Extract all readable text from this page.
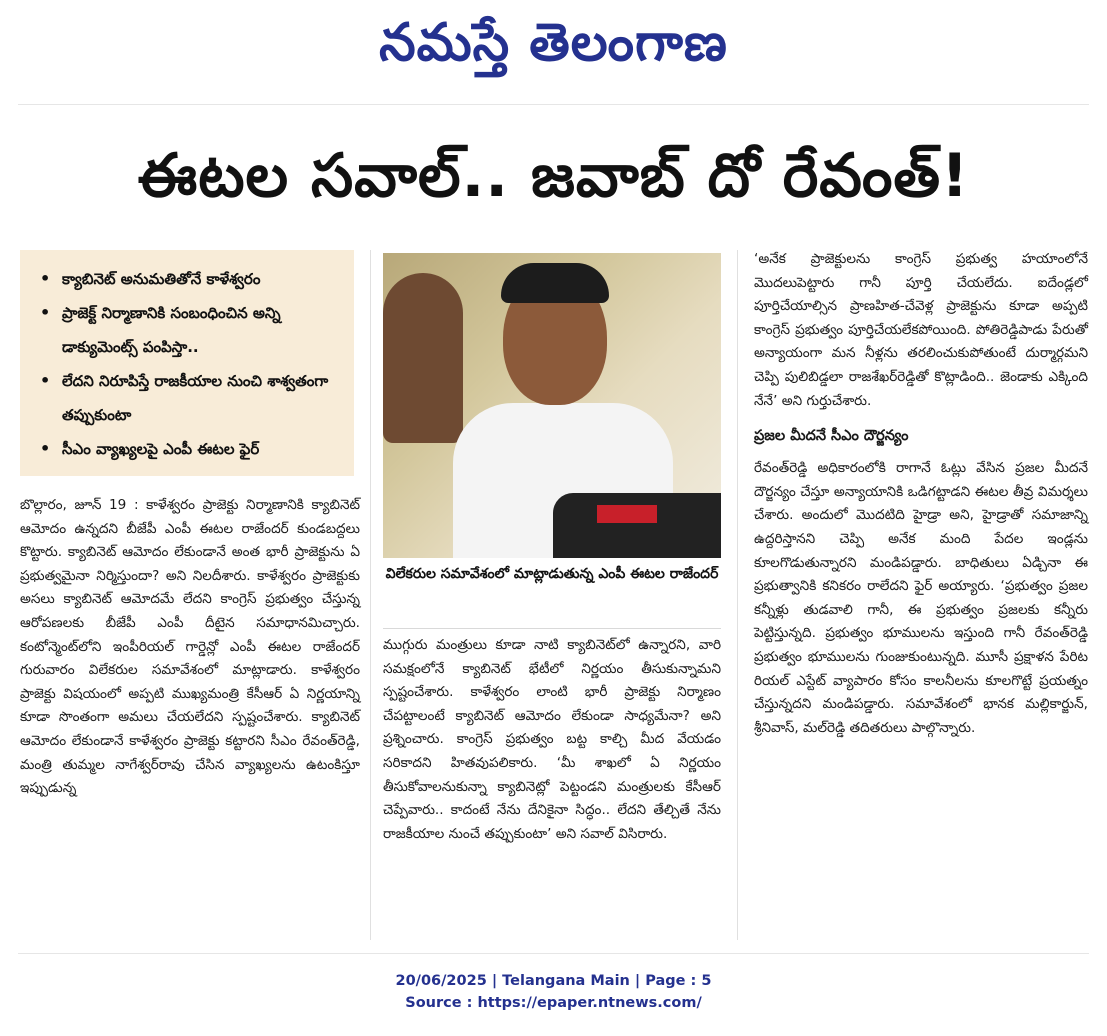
నమస్తే తెలంగాణ
ఈటల సవాల్.. జవాబ్ దో రేవంత్!
• క్యాబినెట్ అనుమతితోనే కాళేశ్వరం
• ప్రాజెక్ట్ నిర్మాణానికి సంబంధించిన అన్ని డాక్యుమెంట్స్ పంపిస్తా..
• లేదని నిరూపిస్తే రాజకీయాల నుంచి శాశ్వతంగా తప్పుకుంటా
• సీఎం వ్యాఖ్యలపై ఎంపీ ఈటల ఫైర్

బొల్లారం, జూన్ 19 : కాళేశ్వరం ప్రాజెక్టు నిర్మాణానికి క్యాబినెట్ ఆమోదం ఉన్నదని బీజేపీ ఎంపీ ఈటల రాజేందర్ కుండబద్దలు కొట్టారు. క్యాబినెట్ ఆమోదం లేకుండానే అంత భారీ ప్రాజెక్టును ఏ ప్రభుత్వమైనా నిర్మిస్తుందా? అని నిలదీశారు. కాళేశ్వరం ప్రాజెక్టుకు అసలు క్యాబినెట్ ఆమోదమే లేదని కాంగ్రెస్ ప్రభుత్వం చేస్తున్న ఆరోపణలకు బీజేపీ ఎంపీ దీటైన సమాధానమిచ్చారు. కంటోన్మెంట్‌లోని ఇంపీరియల్ గార్డెన్లో ఎంపీ ఈటల రాజేందర్ గురువారం విలేకరుల సమావేశంలో మాట్లాడారు. కాళేశ్వరం ప్రాజెక్టు విషయంలో అప్పటి ముఖ్యమంత్రి కేసీఆర్ ఏ నిర్ణయాన్ని కూడా సొంతంగా అమలు చేయలేదని స్పష్టంచేశారు. క్యాబినెట్ ఆమోదం లేకుండానే కాళేశ్వరం ప్రాజెక్టు కట్టారని సీఎం రేవంత్‌రెడ్డి, మంత్రి తుమ్మల నాగేశ్వర్‌రావు చేసిన వ్యాఖ్యలను ఉటంకిస్తూ ఇప్పుడున్న

విలేకరుల సమావేశంలో మాట్లాడుతున్న ఎంపీ ఈటల రాజేందర్

ముగ్గురు మంత్రులు కూడా నాటి క్యాబినెట్‌లో ఉన్నారని, వారి సమక్షంలోనే క్యాబినెట్ భేటీలో నిర్ణయం తీసుకున్నామని స్పష్టంచేశారు. కాళేశ్వరం లాంటి భారీ ప్రాజెక్టు నిర్మాణం చేపట్టాలంటే క్యాబినెట్ ఆమోదం లేకుండా సాధ్యమేనా? అని ప్రశ్నించారు. కాంగ్రెస్ ప్రభుత్వం బట్ట కాల్చి మీద వేయడం సరికాదని హితవుపలికారు. ‘మీ శాఖలో ఏ నిర్ణయం తీసుకోవాలనుకున్నా క్యాబినెట్లో పెట్టండని మంత్రులకు కేసీఆర్ చెప్పేవారు.. కాదంటే నేను దేనికైనా సిద్ధం.. లేదని తేల్చితే నేను రాజకీయాల నుంచే తప్పుకుంటా’ అని సవాల్ విసిరారు.

‘అనేక ప్రాజెక్టులను కాంగ్రెస్ ప్రభుత్వ హయాంలోనే మొదలుపెట్టారు గానీ పూర్తి చేయలేదు. ఐదేండ్లలో పూర్తిచేయాల్సిన ప్రాణహిత-చేవెళ్ల ప్రాజెక్టును కూడా అప్పటి కాంగ్రెస్ ప్రభుత్వం పూర్తిచేయలేకపోయింది. పోతిరెడ్డిపాడు పేరుతో అన్యాయంగా మన నీళ్లను తరలించుకుపోతుంటే దుర్మార్గమని చెప్పి పులిబిడ్డలా రాజశేఖర్‌రెడ్డితో కొట్లాడింది.. జెండాకు ఎక్కింది నేనే’ అని గుర్తుచేశారు.

ప్రజల మీదనే సీఎం దౌర్జన్యం

రేవంత్‌రెడ్డి అధికారంలోకి రాగానే ఓట్లు వేసిన ప్రజల మీదనే దౌర్జన్యం చేస్తూ అన్యాయానికి ఒడిగట్టాడని ఈటల తీవ్ర విమర్శలు చేశారు. అందులో మొదటిది హైడ్రా అని, హైడ్రాతో సమాజాన్ని ఉద్దరిస్తానని చెప్పి అనేక మంది పేదల ఇండ్లను కూలగొడుతున్నారని మండిపడ్డారు. బాధితులు ఏడ్చినా ఈ ప్రభుత్వానికి కనికరం రాలేదని ఫైర్ అయ్యారు. ‘ప్రభుత్వం ప్రజల కన్నీళ్లు తుడవాలి గానీ, ఈ ప్రభుత్వం ప్రజలకు కన్నీరు పెట్టిస్తున్నది. ప్రభుత్వం భూములను ఇస్తుంది గానీ రేవంత్‌రెడ్డి ప్రభుత్వం భూములను గుంజుకుంటున్నది. మూసీ ప్రక్షాళన పేరిట రియల్ ఎస్టేట్ వ్యాపారం కోసం కాలనీలను కూలగొట్టే ప్రయత్నం చేస్తున్నదని మండిపడ్డారు. సమావేశంలో భానక మల్లికార్జున్, శ్రీనివాస్, మల్‌రెడ్డి తదితరులు పాల్గొన్నారు.

20/06/2025 | Telangana Main | Page : 5
Source : https://epaper.ntnews.com/
